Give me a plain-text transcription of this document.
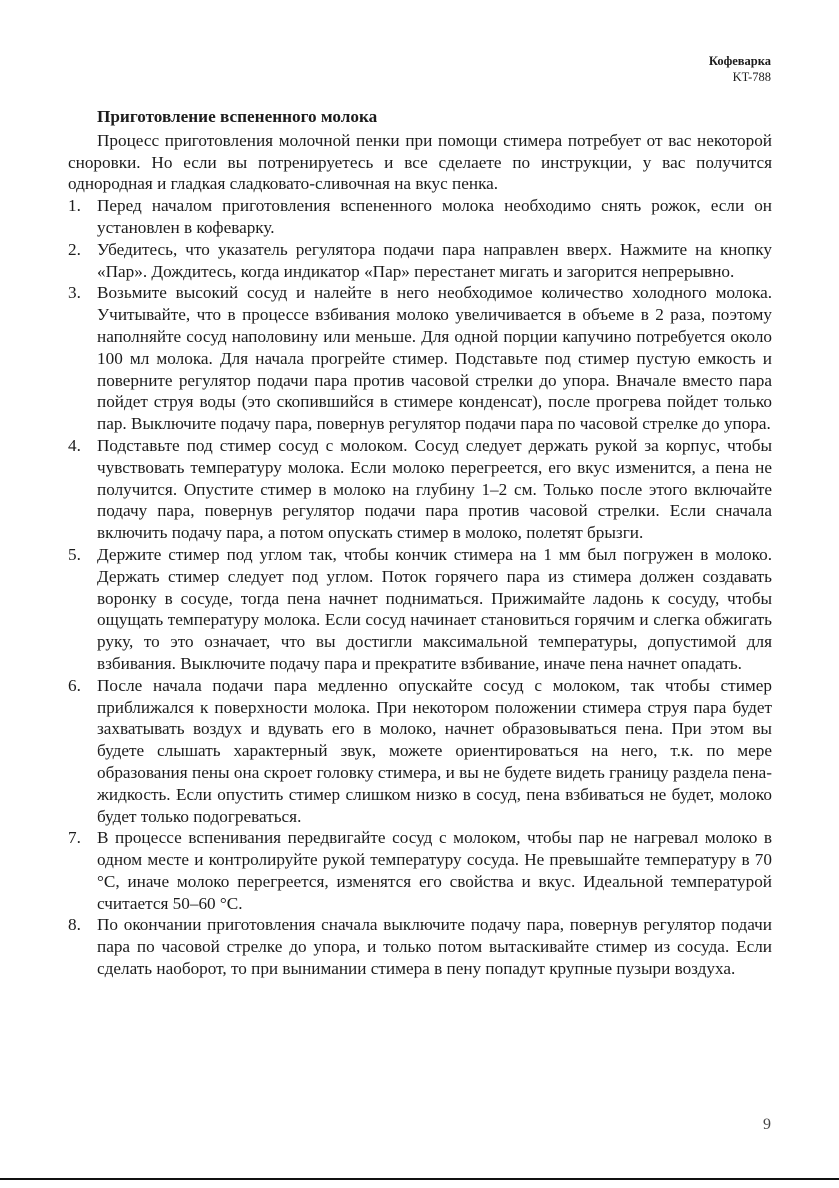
Кофеварка
KT-788
Приготовление вспененного молока

Процесс приготовления молочной пенки при помощи стимера потребует от вас некоторой сноровки. Но если вы потренируетесь и все сделаете по инструкции, у вас получится однородная и гладкая сладковато-сливочная на вкус пенка.

1. Перед началом приготовления вспененного молока необходимо снять рожок, если он установлен в кофеварку.
2. Убедитесь, что указатель регулятора подачи пара направлен вверх. Нажмите на кнопку «Пар». Дождитесь, когда индикатор «Пар» перестанет мигать и загорится непрерывно.
3. Возьмите высокий сосуд и налейте в него необходимое количество холодного молока. Учитывайте, что в процессе взбивания молоко увеличивается в объеме в 2 раза, поэтому наполняйте сосуд наполовину или меньше. Для одной порции капучино потребуется около 100 мл молока. Для начала прогрейте стимер. Подставьте под стимер пустую емкость и поверните регулятор подачи пара против часовой стрелки до упора. Вначале вместо пара пойдет струя воды (это скопившийся в стимере конденсат), после прогрева пойдет только пар. Выключите подачу пара, повернув регулятор подачи пара по часовой стрелке до упора.
4. Подставьте под стимер сосуд с молоком. Сосуд следует держать рукой за корпус, чтобы чувствовать температуру молока. Если молоко перегреется, его вкус изменится, а пена не получится. Опустите стимер в молоко на глубину 1–2 см. Только после этого включайте подачу пара, повернув регулятор подачи пара против часовой стрелки. Если сначала включить подачу пара, а потом опускать стимер в молоко, полетят брызги.
5. Держите стимер под углом так, чтобы кончик стимера на 1 мм был погружен в молоко. Держать стимер следует под углом. Поток горячего пара из стимера должен создавать воронку в сосуде, тогда пена начнет подниматься. Прижимайте ладонь к сосуду, чтобы ощущать температуру молока. Если сосуд начинает становиться горячим и слегка обжигать руку, то это означает, что вы достигли максимальной температуры, допустимой для взбивания. Выключите подачу пара и прекратите взбивание, иначе пена начнет опадать.
6. После начала подачи пара медленно опускайте сосуд с молоком, так чтобы стимер приближался к поверхности молока. При некотором положении стимера струя пара будет захватывать воздух и вдувать его в молоко, начнет образовываться пена. При этом вы будете слышать характерный звук, можете ориентироваться на него, т.к. по мере образования пены она скроет головку стимера, и вы не будете видеть границу раздела пена-жидкость. Если опустить стимер слишком низко в сосуд, пена взбиваться не будет, молоко будет только подогреваться.
7. В процессе вспенивания передвигайте сосуд с молоком, чтобы пар не нагревал молоко в одном месте и контролируйте рукой температуру сосуда. Не превышайте температуру в 70 °C, иначе молоко перегреется, изменятся его свойства и вкус. Идеальной температурой считается 50–60 °C.
8. По окончании приготовления сначала выключите подачу пара, повернув регулятор подачи пара по часовой стрелке до упора, и только потом вытаскивайте стимер из сосуда. Если сделать наоборот, то при вынимании стимера в пену попадут крупные пузыри воздуха.
9
